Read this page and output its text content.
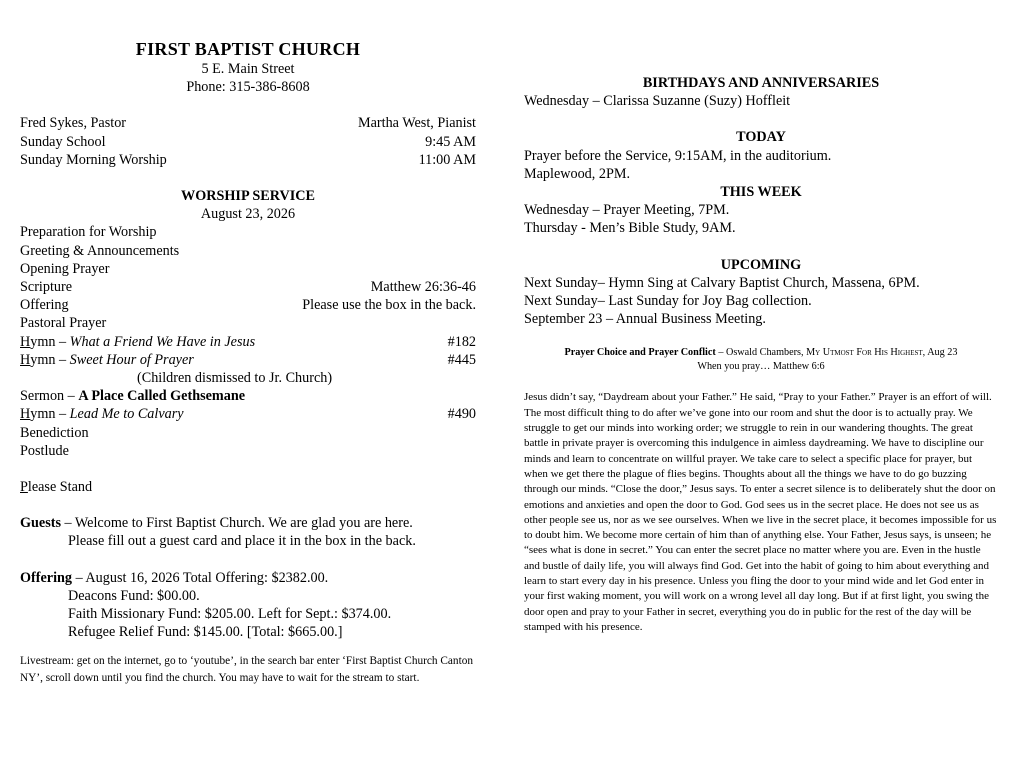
FIRST BAPTIST CHURCH
5 E. Main Street
Phone: 315-386-8608
Fred Sykes, Pastor	Martha West, Pianist
Sunday School	9:45 AM
Sunday Morning Worship	11:00 AM
WORSHIP SERVICE
August 23, 2026
Preparation for Worship
Greeting & Announcements
Opening Prayer
Scripture	Matthew 26:36-46
Offering	Please use the box in the back.
Pastoral Prayer
Hymn – What a Friend We Have in Jesus	#182
Hymn – Sweet Hour of Prayer	#445
(Children dismissed to Jr. Church)
Sermon – A Place Called Gethsemane
Hymn – Lead Me to Calvary	#490
Benediction
Postlude
Please Stand
Guests – Welcome to First Baptist Church. We are glad you are here.
Please fill out a guest card and place it in the box in the back.
Offering – August 16, 2026 Total Offering: $2382.00.
Deacons Fund: $00.00.
Faith Missionary Fund: $205.00. Left for Sept.: $374.00.
Refugee Relief Fund: $145.00. [Total: $665.00.]
Livestream: get on the internet, go to ‘youtube’, in the search bar enter ‘First Baptist Church Canton NY’, scroll down until you find the church. You may have to wait for the stream to start.
BIRTHDAYS AND ANNIVERSARIES
Wednesday – Clarissa Suzanne (Suzy) Hoffleit
TODAY
Prayer before the Service, 9:15AM, in the auditorium.
Maplewood, 2PM.
THIS WEEK
Wednesday – Prayer Meeting, 7PM.
Thursday - Men’s Bible Study, 9AM.
UPCOMING
Next Sunday– Hymn Sing at Calvary Baptist Church, Massena, 6PM.
Next Sunday– Last Sunday for Joy Bag collection.
September 23 – Annual Business Meeting.
Prayer Choice and Prayer Conflict – Oswald Chambers, My Utmost For His Highest, Aug 23
When you pray… Matthew 6:6
Jesus didn’t say, “Daydream about your Father.” He said, “Pray to your Father.” Prayer is an effort of will. The most difficult thing to do after we’ve gone into our room and shut the door is to actually pray. We struggle to get our minds into working order; we struggle to rein in our wandering thoughts. The great battle in private prayer is overcoming this indulgence in aimless daydreaming. We have to discipline our minds and learn to concentrate on willful prayer. We take care to select a specific place for prayer, but when we get there the plague of flies begins. Thoughts about all the things we have to do go buzzing through our minds. “Close the door,” Jesus says. To enter a secret silence is to deliberately shut the door on emotions and anxieties and open the door to God. God sees us in the secret place. He does not see us as other people see us, nor as we see ourselves. When we live in the secret place, it becomes impossible for us to doubt him. We become more certain of him than of anything else. Your Father, Jesus says, is unseen; he “sees what is done in secret.” You can enter the secret place no matter where you are. Even in the hustle and bustle of daily life, you will always find God. Get into the habit of going to him about everything and learn to start every day in his presence. Unless you fling the door to your mind wide and let God enter in your first waking moment, you will work on a wrong level all day long. But if at first light, you swing the door open and pray to your Father in secret, everything you do in public for the rest of the day will be stamped with his presence.
